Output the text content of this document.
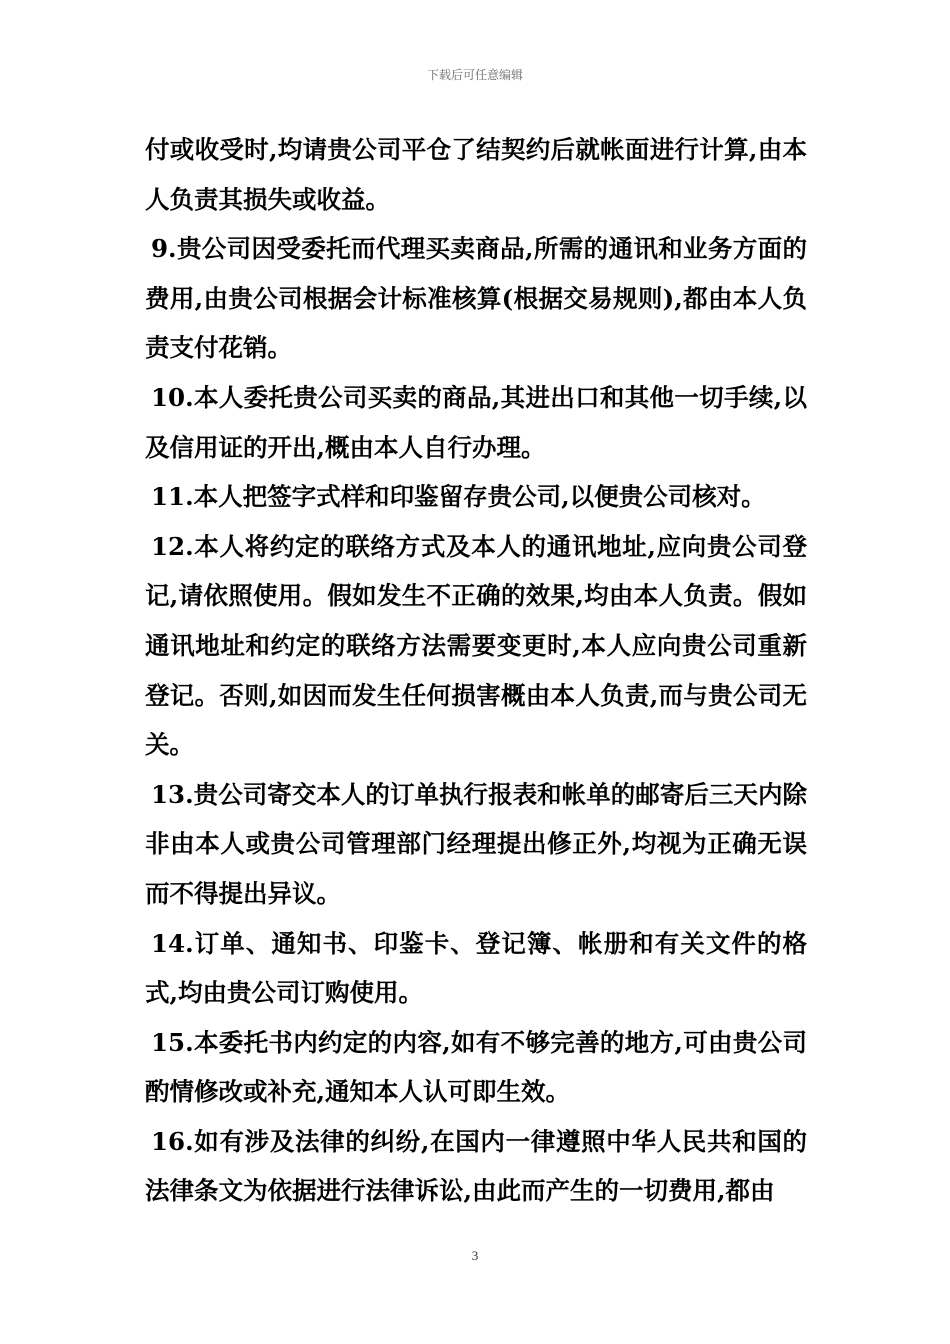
下载后可任意编辑

付或收受时,均请贵公司平仓了结契约后就帐面进行计算,由本人负责其损失或收益。

9.贵公司因受委托而代理买卖商品,所需的通讯和业务方面的费用,由贵公司根据会计标准核算(根据交易规则),都由本人负责支付花销。

10.本人委托贵公司买卖的商品,其进出口和其他一切手续,以及信用证的开出,概由本人自行办理。

11.本人把签字式样和印鉴留存贵公司,以便贵公司核对。

12.本人将约定的联络方式及本人的通讯地址,应向贵公司登记,请依照使用。假如发生不正确的效果,均由本人负责。假如通讯地址和约定的联络方法需要变更时,本人应向贵公司重新登记。否则,如因而发生任何损害概由本人负责,而与贵公司无关。

13.贵公司寄交本人的订单执行报表和帐单的邮寄后三天内除非由本人或贵公司管理部门经理提出修正外,均视为正确无误而不得提出异议。

14.订单、通知书、印鉴卡、登记簿、帐册和有关文件的格式,均由贵公司订购使用。

15.本委托书内约定的内容,如有不够完善的地方,可由贵公司酌情修改或补充,通知本人认可即生效。

16.如有涉及法律的纠纷,在国内一律遵照中华人民共和国的法律条文为依据进行法律诉讼,由此而产生的一切费用,都由

3
